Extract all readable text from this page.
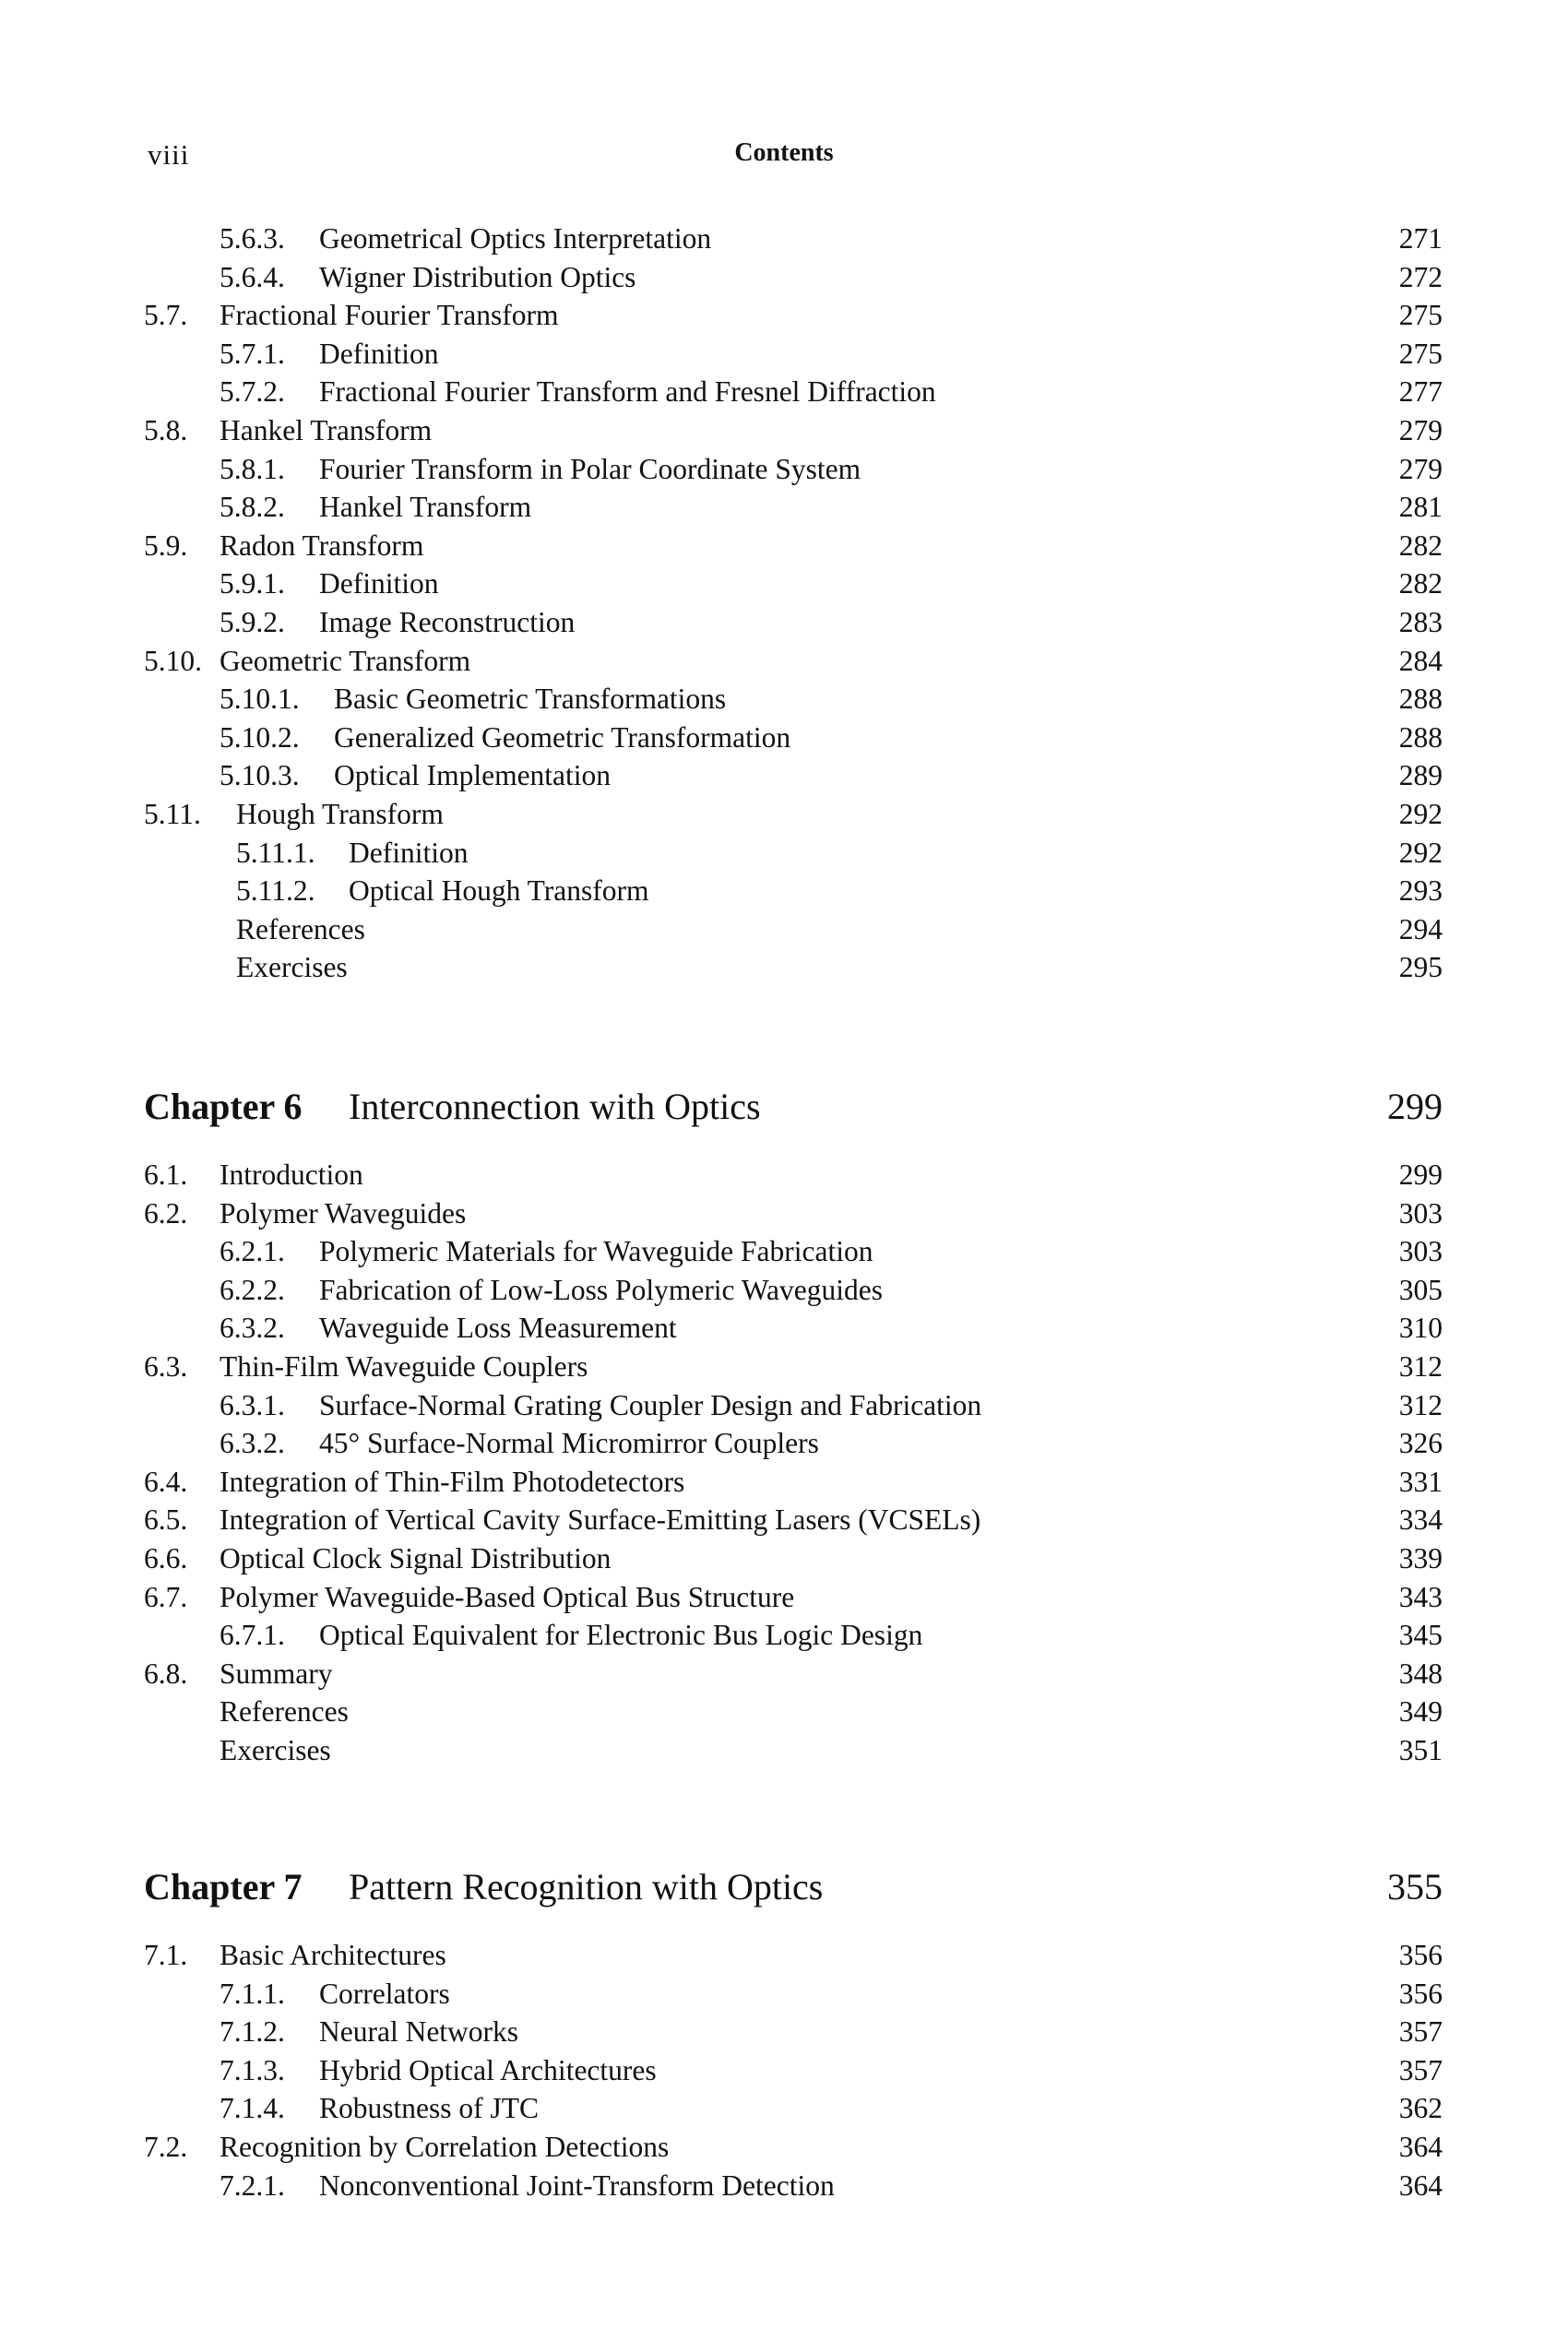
viii	Contents
5.6.3. Geometrical Optics Interpretation	271
5.6.4. Wigner Distribution Optics	272
5.7. Fractional Fourier Transform	275
5.7.1. Definition	275
5.7.2. Fractional Fourier Transform and Fresnel Diffraction	277
5.8. Hankel Transform	279
5.8.1. Fourier Transform in Polar Coordinate System	279
5.8.2. Hankel Transform	281
5.9. Radon Transform	282
5.9.1. Definition	282
5.9.2. Image Reconstruction	283
5.10. Geometric Transform	284
5.10.1. Basic Geometric Transformations	288
5.10.2. Generalized Geometric Transformation	288
5.10.3. Optical Implementation	289
5.11. Hough Transform	292
5.11.1. Definition	292
5.11.2. Optical Hough Transform	293
References	294
Exercises	295
Chapter 6 Interconnection with Optics	299
6.1. Introduction	299
6.2. Polymer Waveguides	303
6.2.1. Polymeric Materials for Waveguide Fabrication	303
6.2.2. Fabrication of Low-Loss Polymeric Waveguides	305
6.3.2. Waveguide Loss Measurement	310
6.3. Thin-Film Waveguide Couplers	312
6.3.1. Surface-Normal Grating Coupler Design and Fabrication	312
6.3.2. 45° Surface-Normal Micromirror Couplers	326
6.4. Integration of Thin-Film Photodetectors	331
6.5. Integration of Vertical Cavity Surface-Emitting Lasers (VCSELs)	334
6.6. Optical Clock Signal Distribution	339
6.7. Polymer Waveguide-Based Optical Bus Structure	343
6.7.1. Optical Equivalent for Electronic Bus Logic Design	345
6.8. Summary	348
References	349
Exercises	351
Chapter 7 Pattern Recognition with Optics	355
7.1. Basic Architectures	356
7.1.1. Correlators	356
7.1.2. Neural Networks	357
7.1.3. Hybrid Optical Architectures	357
7.1.4. Robustness of JTC	362
7.2. Recognition by Correlation Detections	364
7.2.1. Nonconventional Joint-Transform Detection	364
